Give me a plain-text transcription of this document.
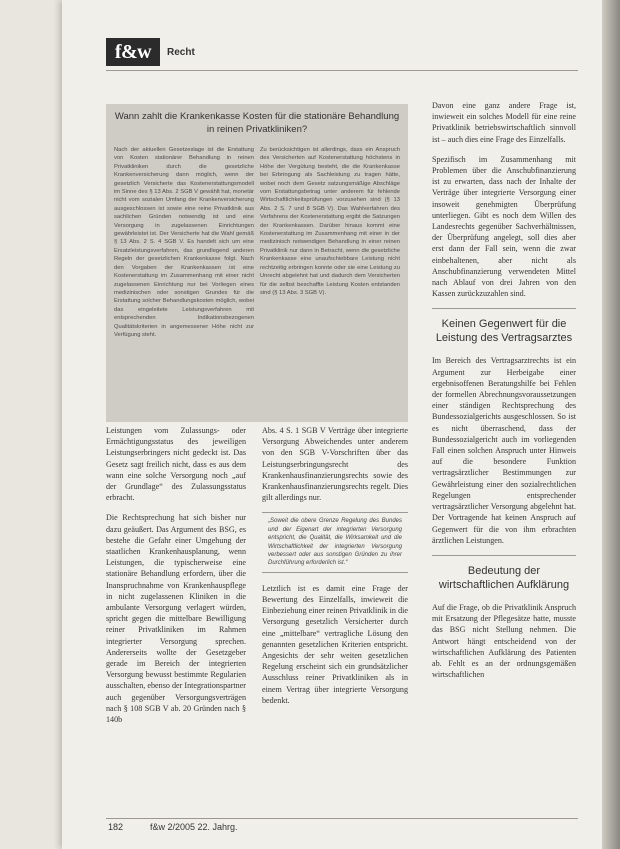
f&w	Recht
Wann zahlt die Krankenkasse Kosten für die stationäre Behandlung in reinen Privatkliniken?
Nach der aktuellen Gesetzeslage ist die Erstattung von Kosten stationärer Behandlung in reinen Privatkliniken durch die gesetzliche Krankenversicherung dann möglich, wenn der gesetzlich Versicherte das Kostenerstattungsmodell im Sinne des § 13 Abs. 2 SGB V gewählt hat, monetär nicht vom sozialen Umfang der Krankenversicherung ausgeschlossen ist sowie eine reine Privatklinik aus sachlichen Gründen notwendig ist und eine Versorgung in zugelassenen Einrichtungen gewährleistet ist. Der Versicherte hat die Wahl gemäß § 13 Abs. 2 S. 4 SGB V. Es handelt sich um eine Ersatzleistungsverfahren, das grundlegend anderen Regeln der gesetzlichen Krankenkasse folgt. Nach den Vorgaben der Krankenkassen ist eine Kostenerstattung im Zusammenhang mit einer nicht zugelassenen Einrichtung nur bei Vorliegen eines medizinischen oder sonstigen Grundes für die Erstattung solcher Behandlungskosten möglich, wobei das eingeleitete Leistungsverfahren mit entsprechenden Indikationsbezogenen Qualitätskriterien in angemessener Höhe nicht zur Verfügung steht.
Zu berücksichtigen ist allerdings, dass ein Anspruch des Versicherten auf Kostenerstattung höchstens in Höhe der Vergütung besteht, die die Krankenkasse bei Erbringung als Sachleistung zu tragen hätte, wobei noch dem Gesetz satzungsmäßige Abschläge vom Erstattungsbetrag unter anderem für fehlende Wirtschaftlichkeitsprüfungen vorzusehen sind (§ 13 Abs. 2 S. 7 und 8 SGB V). Das Wahlverfahren des Verfahrens der Kostenerstattung ergibt die Satzungen der Krankenkassen. Darüber hinaus kommt eine Kostenerstattung im Zusammenhang mit einer in der medizinisch notwendigen Behandlung in einer reinen Privatklinik nur dann in Betracht, wenn die gesetzliche Krankenkasse eine unaufschiebbare Leistung nicht rechtzeitig erbringen konnte oder sie eine Leistung zu Unrecht abgelehnt hat und dadurch dem Versicherten für die selbst beschaffte Leistung Kosten entstanden sind (§ 13 Abs. 3 SGB V).

Leistungen vom Zulassungs- oder Ermächtigungsstatus des jeweiligen Leistungserbringers nicht gedeckt ist. Das Gesetz sagt freilich nicht, dass es aus dem wann eine solche Versorgung noch „auf der Grundlage“ des Zulassungsstatus erbracht.

Die Rechtsprechung hat sich bisher nur dazu geäußert. Das Argument des BSG, es bestehe die Gefahr einer Umgehung der staatlichen Krankenhausplanung, wenn Leistungen, die typischerweise eine stationäre Behandlung erfordern, über die Inanspruchnahme von Krankenhauspflege in nicht zugelassenen Kliniken in die ambulante Versorgung verlagert würden, spricht gegen die mittelbare Bewilligung reiner Privatkliniken im Rahmen integrierter Versorgung sprechen. Andererseits wollte der Gesetzgeber gerade im Bereich der integrierten Versorgung bewusst bestimmte Regularien ausschalten, ebenso der Integrationspartner auch gegenüber Versorgungsverträgen nach § 108 SGB V ab. 20 Gründen nach § 140b

Abs. 4 S. 1 SGB V Verträge über integrierte Versorgung Abweichendes unter anderem von den SGB V-Vorschriften über das Leistungserbringungsrecht des Krankenhausfinanzierungsrechts sowie des Krankenhausfinanzierungsrechts regelt. Dies gilt allerdings nur.

„Soweit die obere Grenze Regelung des Bundes und der Eigenart der integrierten Versorgung entspricht, die Qualität, die Wirksamkeit und die Wirtschaftlichkeit der integrierten Versorgung verbessert oder aus sonstigen Gründen zu ihrer Durchführung erforderlich ist.“

Letztlich ist es damit eine Frage der Bewertung des Einzelfalls, inwieweit die Einbeziehung einer reinen Privatklinik in die Versorgung gesetzlich Versicherter durch eine „mittelbare“ vertragliche Lösung den genannten gesetzlichen Kriterien entspricht. Angesichts der sehr weiten gesetzlichen Regelung erscheint sich ein grundsätzlicher Ausschluss reiner Privatkliniken als in einem Vertrag über integrierte Versorgung bedenkt.

Davon eine ganz andere Frage ist, inwieweit ein solches Modell für eine reine Privatklinik betriebswirtschaftlich sinnvoll ist – auch dies eine Frage des Einzelfalls.

Spezifisch im Zusammenhang mit Problemen über die Anschubfinanzierung ist zu erwarten, dass nach der Inhalte der Verträge über integrierte Versorgung einer insoweit genehmigten Überprüfung unterliegen. Gibt es noch dem Willen des Landesrechts gegenüber Sachverhältnissen, der Überprüfung angelegt, soll dies aber erst dann der Fall sein, wenn die zwar einbehaltenen, aber nicht als Anschubfinanzierung verwendeten Mittel nach Ablauf von drei Jahren von den Kassen zurückzuzahlen sind.

Keinen Gegenwert für die Leistung des Vertragsarztes

Im Bereich des Vertragsarztrechts ist ein Argument zur Herbeigabe einer ergebnisoffenen Beratungshilfe bei Fehlen der formellen Abrechnungsvoraussetzungen einer ständigen Rechtsprechung des Bundessozialgerichts ausgeschlossen. So ist es nicht überraschend, dass der Bundessozialgericht auch im vorliegenden Fall einen solchen Anspruch unter Hinweis auf die besondere Funktion vertragsärztlicher Bestimmungen zur Gewährleistung einer den sozialrechtlichen Regelungen entsprechender vertragsärztlicher Versorgung abgelehnt hat. Der Vortragende hat keinen Anspruch auf Gegenwert für die von ihm erbrachten ärztlichen Leistungen.

Bedeutung der wirtschaftlichen Aufklärung

Auf die Frage, ob die Privatklinik Anspruch mit Ersatzung der Pflegesätze hatte, musste das BSG nicht Stellung nehmen. Die Antwort hängt entscheidend von der wirtschaftlichen Aufklärung des Patienten ab. Fehlt es an der ordnungsgemäßen wirtschaftlichen

182	f&w 2/2005 22. Jahrg.
